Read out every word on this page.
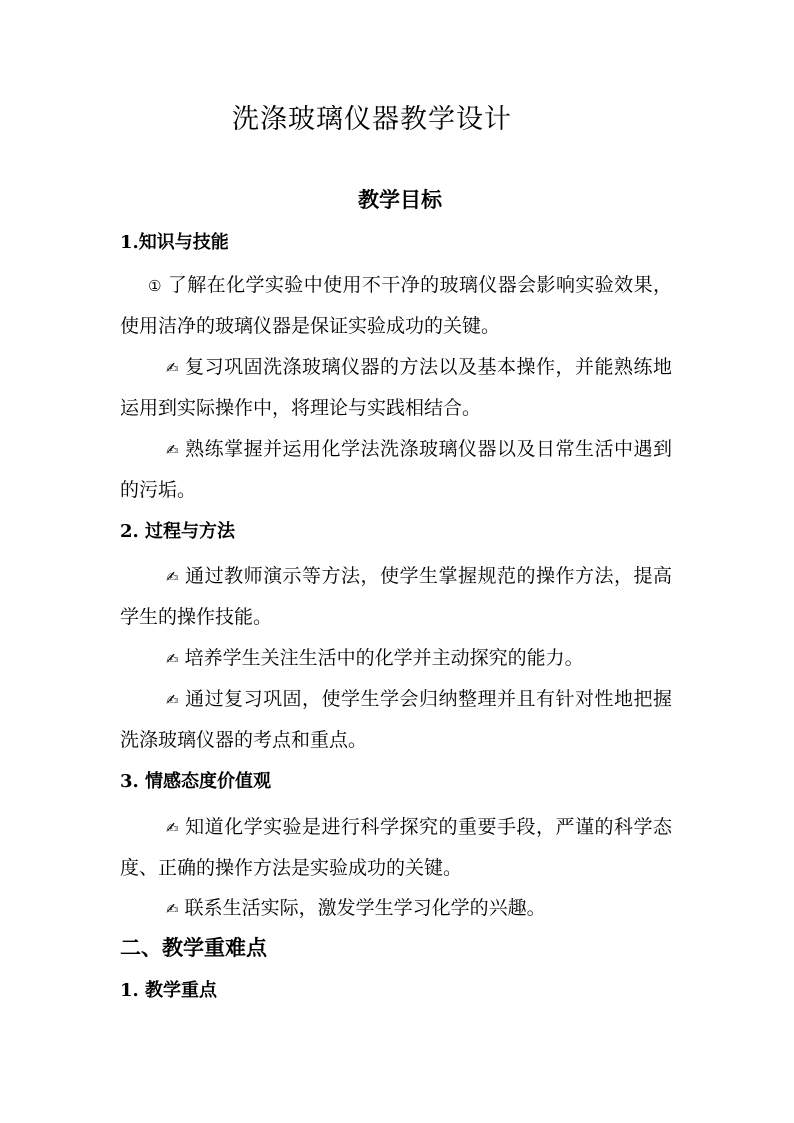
洗涤玻璃仪器教学设计
教学目标
1.知识与技能
① 了解在化学实验中使用不干净的玻璃仪器会影响实验效果，使用洁净的玻璃仪器是保证实验成功的关键。
✍ 复习巩固洗涤玻璃仪器的方法以及基本操作，并能熟练地运用到实际操作中，将理论与实践相结合。
✍ 熟练掌握并运用化学法洗涤玻璃仪器以及日常生活中遇到的污垢。
2. 过程与方法
✍ 通过教师演示等方法，使学生掌握规范的操作方法，提高学生的操作技能。
✍ 培养学生关注生活中的化学并主动探究的能力。
✍ 通过复习巩固，使学生学会归纳整理并且有针对性地把握洗涤玻璃仪器的考点和重点。
3. 情感态度价值观
✍ 知道化学实验是进行科学探究的重要手段，严谨的科学态度、正确的操作方法是实验成功的关键。
✍ 联系生活实际，激发学生学习化学的兴趣。
二、教学重难点
1. 教学重点
